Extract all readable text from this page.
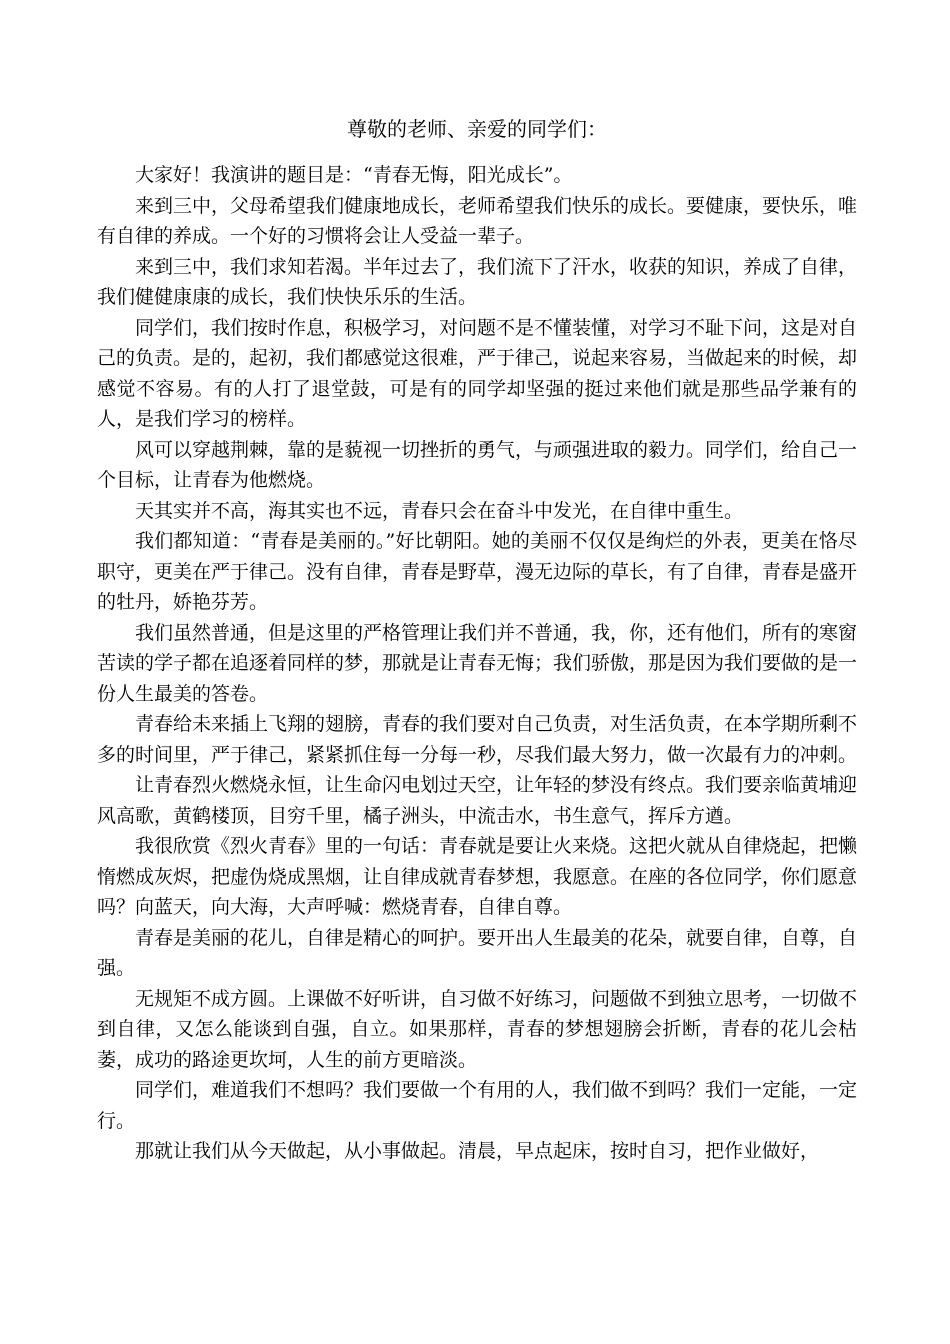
尊敬的老师、亲爱的同学们：

大家好！我演讲的题目是：“青春无悔，阳光成长”。

来到三中，父母希望我们健康地成长，老师希望我们快乐的成长。要健康，要快乐，唯有自律的养成。一个好的习惯将会让人受益一辈子。

来到三中，我们求知若渴。半年过去了，我们流下了汗水，收获的知识，养成了自律，我们健健康康的成长，我们快快乐乐的生活。

同学们，我们按时作息，积极学习，对问题不是不懂装懂，对学习不耻下问，这是对自己的负责。是的，起初，我们都感觉这很难，严于律己，说起来容易，当做起来的时候，却感觉不容易。有的人打了退堂鼓，可是有的同学却坚强的挺过来他们就是那些品学兼有的人，是我们学习的榜样。

风可以穿越荆棘，靠的是藐视一切挫折的勇气，与顽强进取的毅力。同学们，给自己一个目标，让青春为他燃烧。

天其实并不高，海其实也不远，青春只会在奋斗中发光，在自律中重生。

我们都知道：“青春是美丽的。”好比朝阳。她的美丽不仅仅是绚烂的外表，更美在恪尽职守，更美在严于律己。没有自律，青春是野草，漫无边际的草长，有了自律，青春是盛开的牡丹，娇艳芬芳。

我们虽然普通，但是这里的严格管理让我们并不普通，我，你，还有他们，所有的寒窗苦读的学子都在追逐着同样的梦，那就是让青春无悔；我们骄傲，那是因为我们要做的是一份人生最美的答卷。

青春给未来插上飞翔的翅膀，青春的我们要对自己负责，对生活负责，在本学期所剩不多的时间里，严于律己，紧紧抓住每一分每一秒，尽我们最大努力，做一次最有力的冲刺。

让青春烈火燃烧永恒，让生命闪电划过天空，让年轻的梦没有终点。我们要亲临黄埔迎风高歌，黄鹤楼顶，目穷千里，橘子洲头，中流击水，书生意气，挥斥方遒。

我很欣赏《烈火青春》里的一句话：青春就是要让火来烧。这把火就从自律烧起，把懒惰燃成灰烬，把虚伪烧成黑烟，让自律成就青春梦想，我愿意。在座的各位同学，你们愿意吗？向蓝天，向大海，大声呼喊：燃烧青春，自律自尊。

青春是美丽的花儿，自律是精心的呵护。要开出人生最美的花朵，就要自律，自尊，自强。

无规矩不成方圆。上课做不好听讲，自习做不好练习，问题做不到独立思考，一切做不到自律，又怎么能谈到自强，自立。如果那样，青春的梦想翅膀会折断，青春的花儿会枯萎，成功的路途更坎坷，人生的前方更暗淡。

同学们，难道我们不想吗？我们要做一个有用的人，我们做不到吗？我们一定能，一定行。

那就让我们从今天做起，从小事做起。清晨，早点起床，按时自习，把作业做好，
